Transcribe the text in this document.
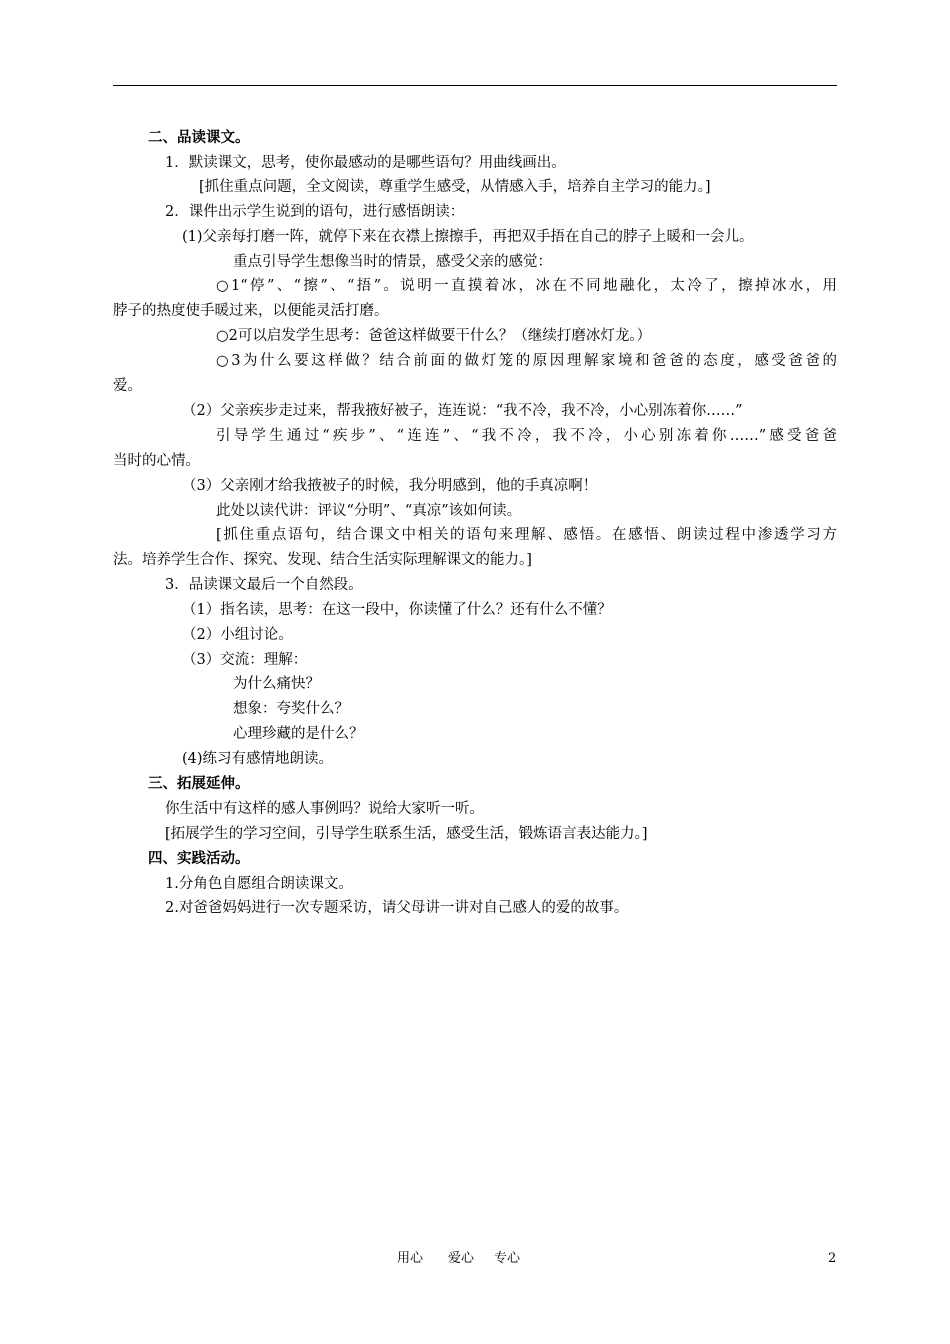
二、品读课文。
1．默读课文，思考，使你最感动的是哪些语句？用曲线画出。
[抓住重点问题，全文阅读，尊重学生感受，从情感入手，培养自主学习的能力。]
2．课件出示学生说到的语句，进行感悟朗读：
(1)父亲每打磨一阵，就停下来在衣襟上擦擦手，再把双手捂在自己的脖子上暖和一会儿。
重点引导学生想像当时的情景，感受父亲的感觉：
○1“停”、“擦”、“捂”。说明一直摸着冰，冰在不同地融化，太冷了，擦掉冰水，用
脖子的热度使手暖过来，以便能灵活打磨。
○2可以启发学生思考：爸爸这样做要干什么？（继续打磨冰灯龙。）
○3为什么要这样做？结合前面的做灯笼的原因理解家境和爸爸的态度，感受爸爸的
爱。
（2）父亲疾步走过来，帮我掖好被子，连连说：“我不冷，我不冷，小心别冻着你……”
引导学生通过“疾步”、“连连”、“我不冷，我不冷，小心别冻着你……”感受爸爸
当时的心情。
（3）父亲刚才给我掖被子的时候，我分明感到，他的手真凉啊！
此处以读代讲：评议“分明”、“真凉”该如何读。
[抓住重点语句，结合课文中相关的语句来理解、感悟。在感悟、朗读过程中渗透学习方
法。培养学生合作、探究、发现、结合生活实际理解课文的能力。]
3．品读课文最后一个自然段。
（1）指名读，思考：在这一段中，你读懂了什么？还有什么不懂？
（2）小组讨论。
（3）交流：理解：
为什么痛快？
想象：夸奖什么？
心理珍藏的是什么？
(4)练习有感情地朗读。
三、拓展延伸。
你生活中有这样的感人事例吗？说给大家听一听。
[拓展学生的学习空间，引导学生联系生活，感受生活，锻炼语言表达能力。]
四、实践活动。
1.分角色自愿组合朗读课文。
2.对爸爸妈妈进行一次专题采访，请父母讲一讲对自己感人的爱的故事。
用心 爱心 专心	2
